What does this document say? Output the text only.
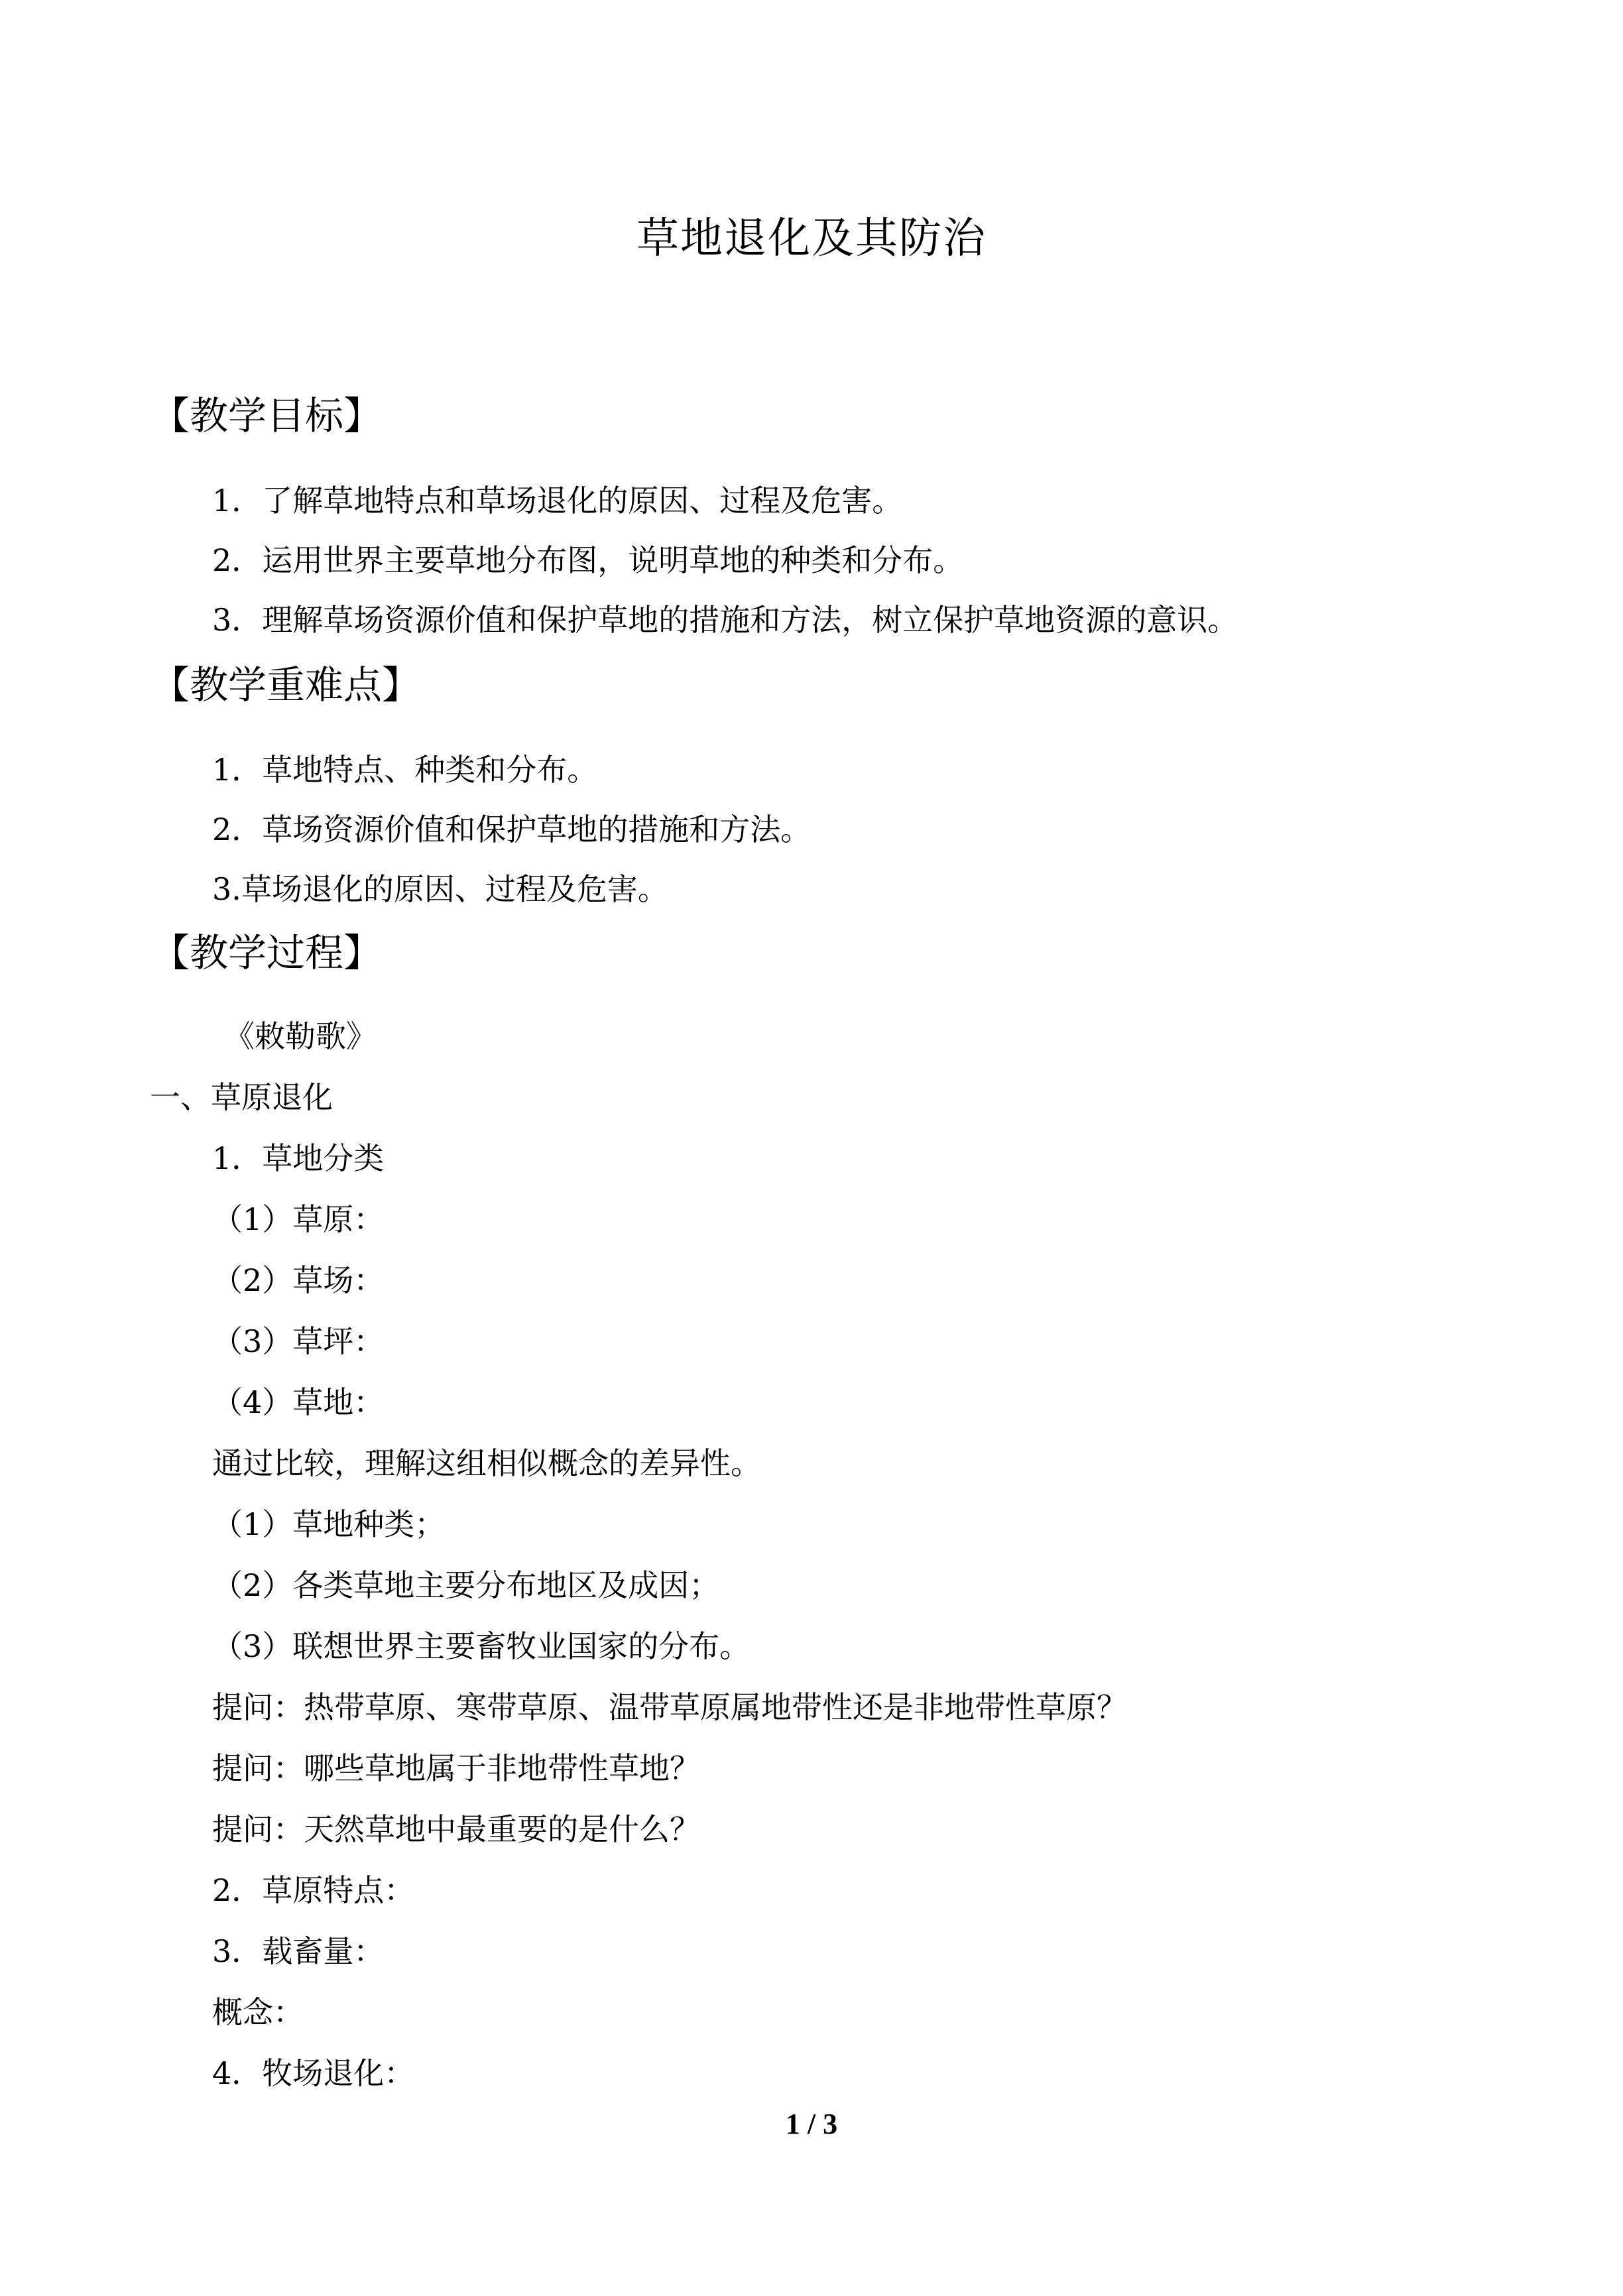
草地退化及其防治
【教学目标】
1．了解草地特点和草场退化的原因、过程及危害。
2．运用世界主要草地分布图，说明草地的种类和分布。
3．理解草场资源价值和保护草地的措施和方法，树立保护草地资源的意识。
【教学重难点】
1．草地特点、种类和分布。
2．草场资源价值和保护草地的措施和方法。
3.草场退化的原因、过程及危害。
【教学过程】
《敕勒歌》
一、草原退化
1．草地分类
（1）草原：
（2）草场：
（3）草坪：
（4）草地：
通过比较，理解这组相似概念的差异性。
（1）草地种类；
（2）各类草地主要分布地区及成因；
（3）联想世界主要畜牧业国家的分布。
提问：热带草原、寒带草原、温带草原属地带性还是非地带性草原？
提问：哪些草地属于非地带性草地？
提问：天然草地中最重要的是什么？
2．草原特点：
3．载畜量：
概念：
4．牧场退化：
1 / 3
